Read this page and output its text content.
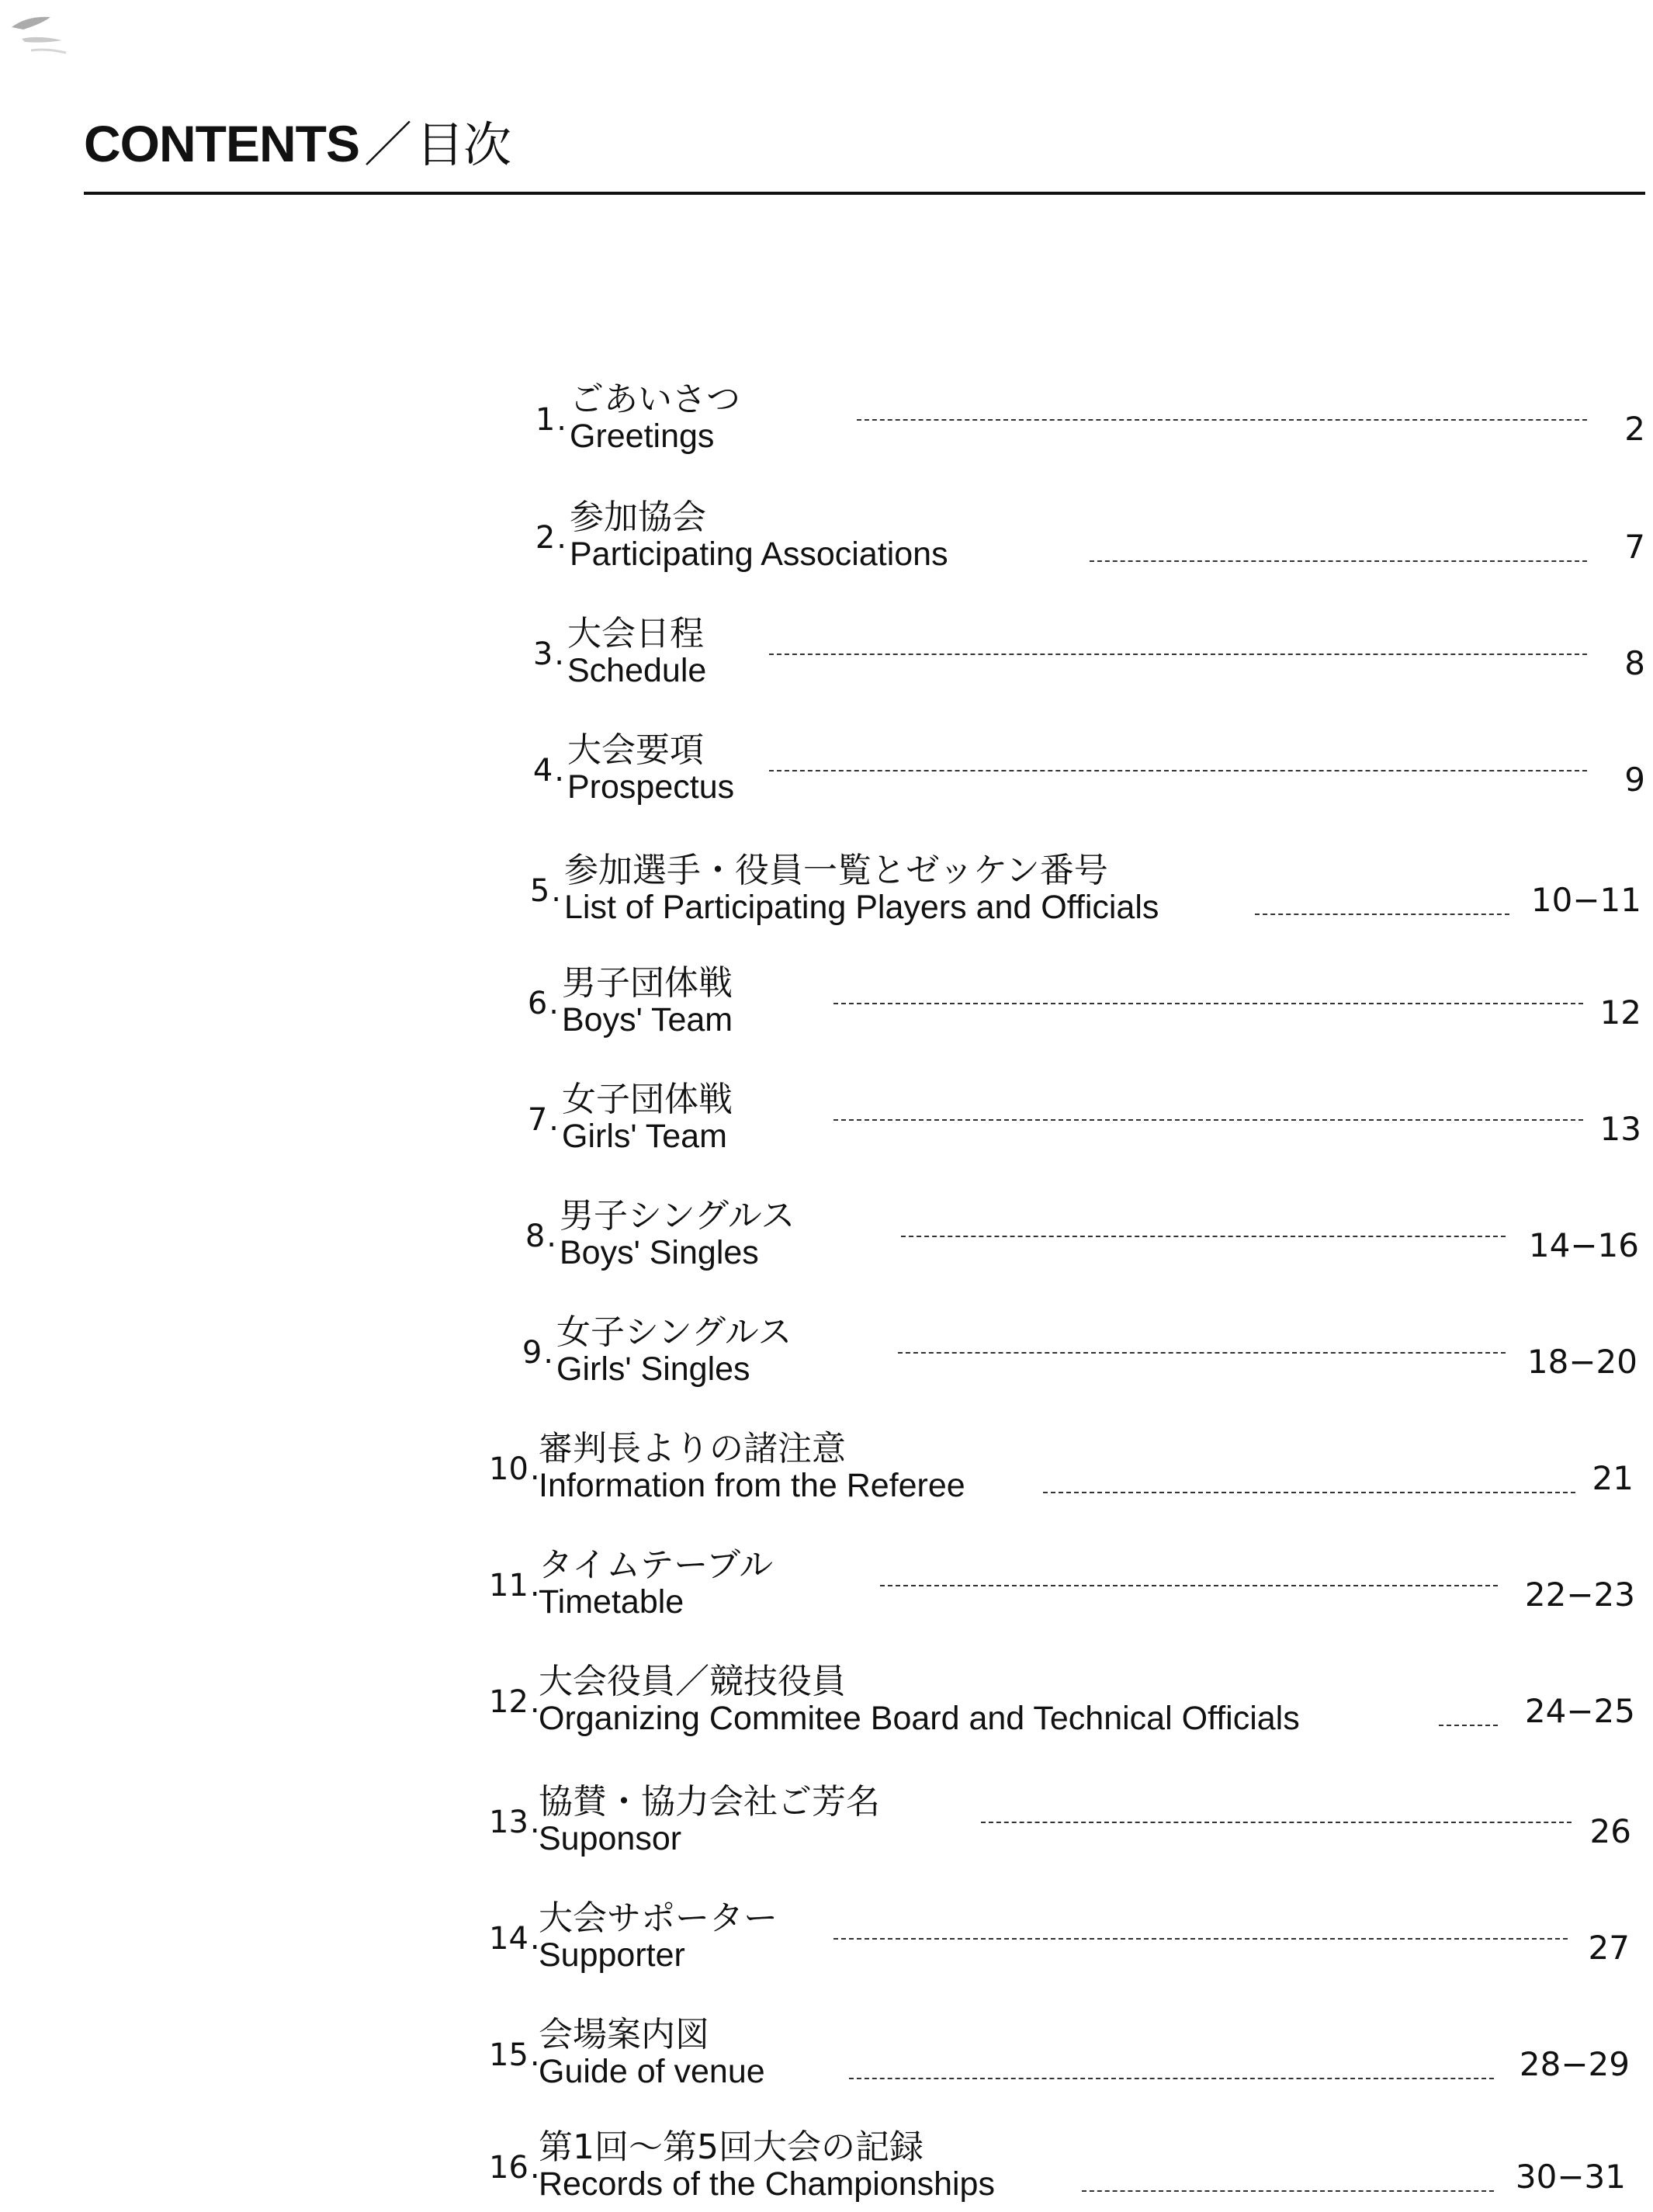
CONTENTS／目次
1.
ごあいさつ
Greetings	2
2.
参加協会
Participating Associations	7
3.
大会日程
Schedule	8
4.
大会要項
Prospectus	9
5.
参加選手・役員一覧とゼッケン番号
List of Participating Players and Officials	10−11
6.
男子団体戦
Boys' Team	12
7.
女子団体戦
Girls' Team	13
8.
男子シングルス
Boys' Singles	14−16
9.
女子シングルス
Girls' Singles	18−20
10.
審判長よりの諸注意
Information from the Referee	21
11.
タイムテーブル
Timetable	22−23
12.
大会役員／競技役員
Organizing Commitee Board and Technical Officials	24−25
13.
協賛・協力会社ご芳名
Suponsor	26
14.
大会サポーター
Supporter	27
15.
会場案内図
Guide of venue	28−29
16.
第1回〜第5回大会の記録
Records of the Championships	30−31
